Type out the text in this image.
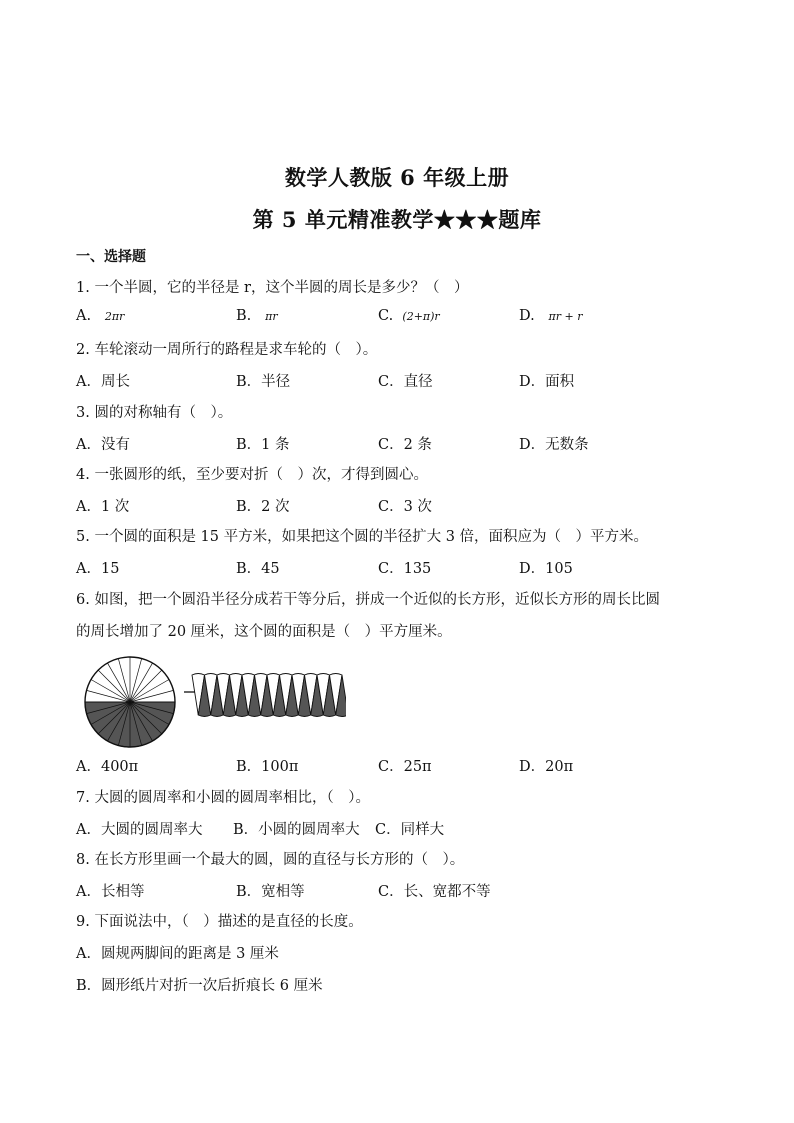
数学人教版 6 年级上册
第 5 单元精准教学★★★题库
一、选择题
1. 一个半圆，它的半径是 r，这个半圆的周长是多少？（　）
A. 2πr	B. πr	C. (2+π)r	D. πr + r
2. 车轮滚动一周所行的路程是求车轮的（　）。
A．周长	B．半径	C．直径	D．面积
3. 圆的对称轴有（　）。
A．没有	B．1 条	C．2 条	D．无数条
4. 一张圆形的纸，至少要对折（　）次，才得到圆心。
A．1 次	B．2 次	C．3 次
5. 一个圆的面积是 15 平方米，如果把这个圆的半径扩大 3 倍，面积应为（　）平方米。
A．15	B．45	C．135	D．105
6. 如图，把一个圆沿半径分成若干等分后，拼成一个近似的长方形，近似长方形的周长比圆
的周长增加了 20 厘米，这个圆的面积是（　）平方厘米。
A．400π	B．100π	C．25π	D．20π
7. 大圆的圆周率和小圆的圆周率相比，（　）。
A．大圆的圆周率大 B．小圆的圆周率大 C．同样大
8. 在长方形里画一个最大的圆，圆的直径与长方形的（　）。
A．长相等	B．宽相等	C．长、宽都不等
9. 下面说法中，（　）描述的是直径的长度。
A．圆规两脚间的距离是 3 厘米
B．圆形纸片对折一次后折痕长 6 厘米
